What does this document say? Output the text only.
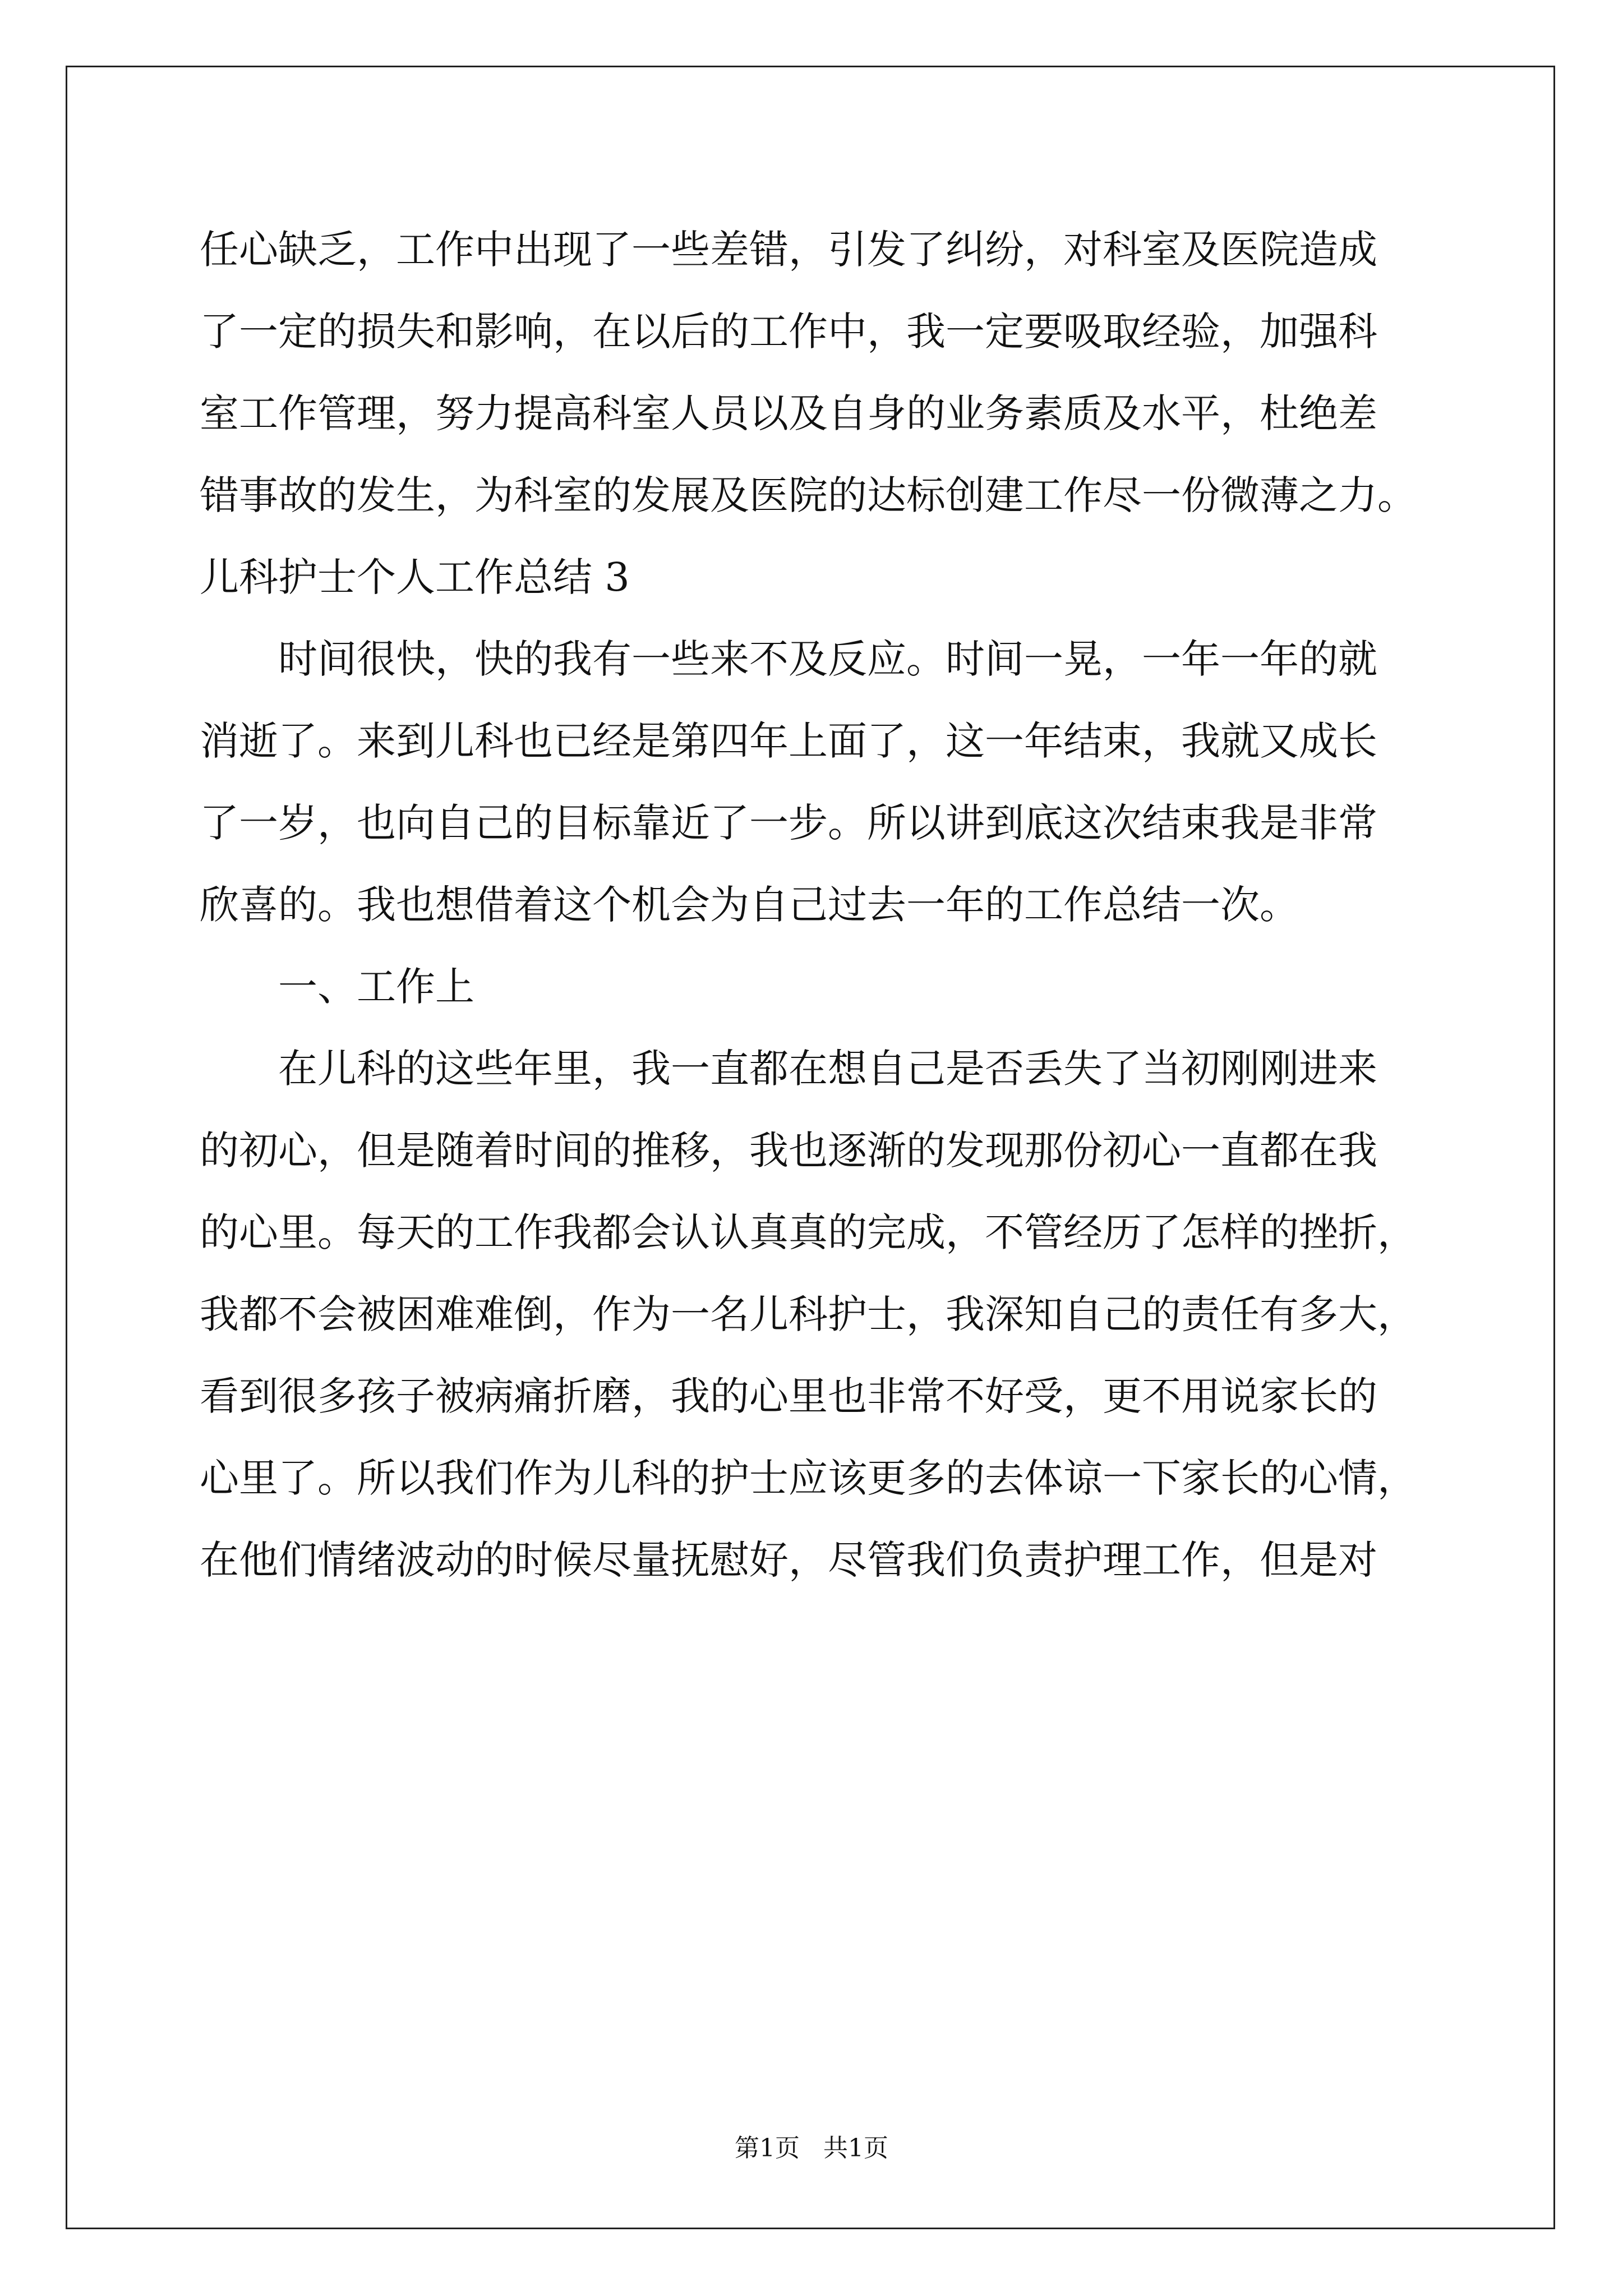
任心缺乏，工作中出现了一些差错，引发了纠纷，对科室及医院造成
了一定的损失和影响，在以后的工作中，我一定要吸取经验，加强科
室工作管理，努力提高科室人员以及自身的业务素质及水平，杜绝差
错事故的发生，为科室的发展及医院的达标创建工作尽一份微薄之力。
儿科护士个人工作总结 3
时间很快，快的我有一些来不及反应。时间一晃，一年一年的就
消逝了。来到儿科也已经是第四年上面了，这一年结束，我就又成长
了一岁，也向自己的目标靠近了一步。所以讲到底这次结束我是非常
欣喜的。我也想借着这个机会为自己过去一年的工作总结一次。
一、工作上
在儿科的这些年里，我一直都在想自己是否丢失了当初刚刚进来
的初心，但是随着时间的推移，我也逐渐的发现那份初心一直都在我
的心里。每天的工作我都会认认真真的完成，不管经历了怎样的挫折，
我都不会被困难难倒，作为一名儿科护士，我深知自己的责任有多大，
看到很多孩子被病痛折磨，我的心里也非常不好受，更不用说家长的
心里了。所以我们作为儿科的护士应该更多的去体谅一下家长的心情，
在他们情绪波动的时候尽量抚慰好，尽管我们负责护理工作，但是对
第1页   共1页
